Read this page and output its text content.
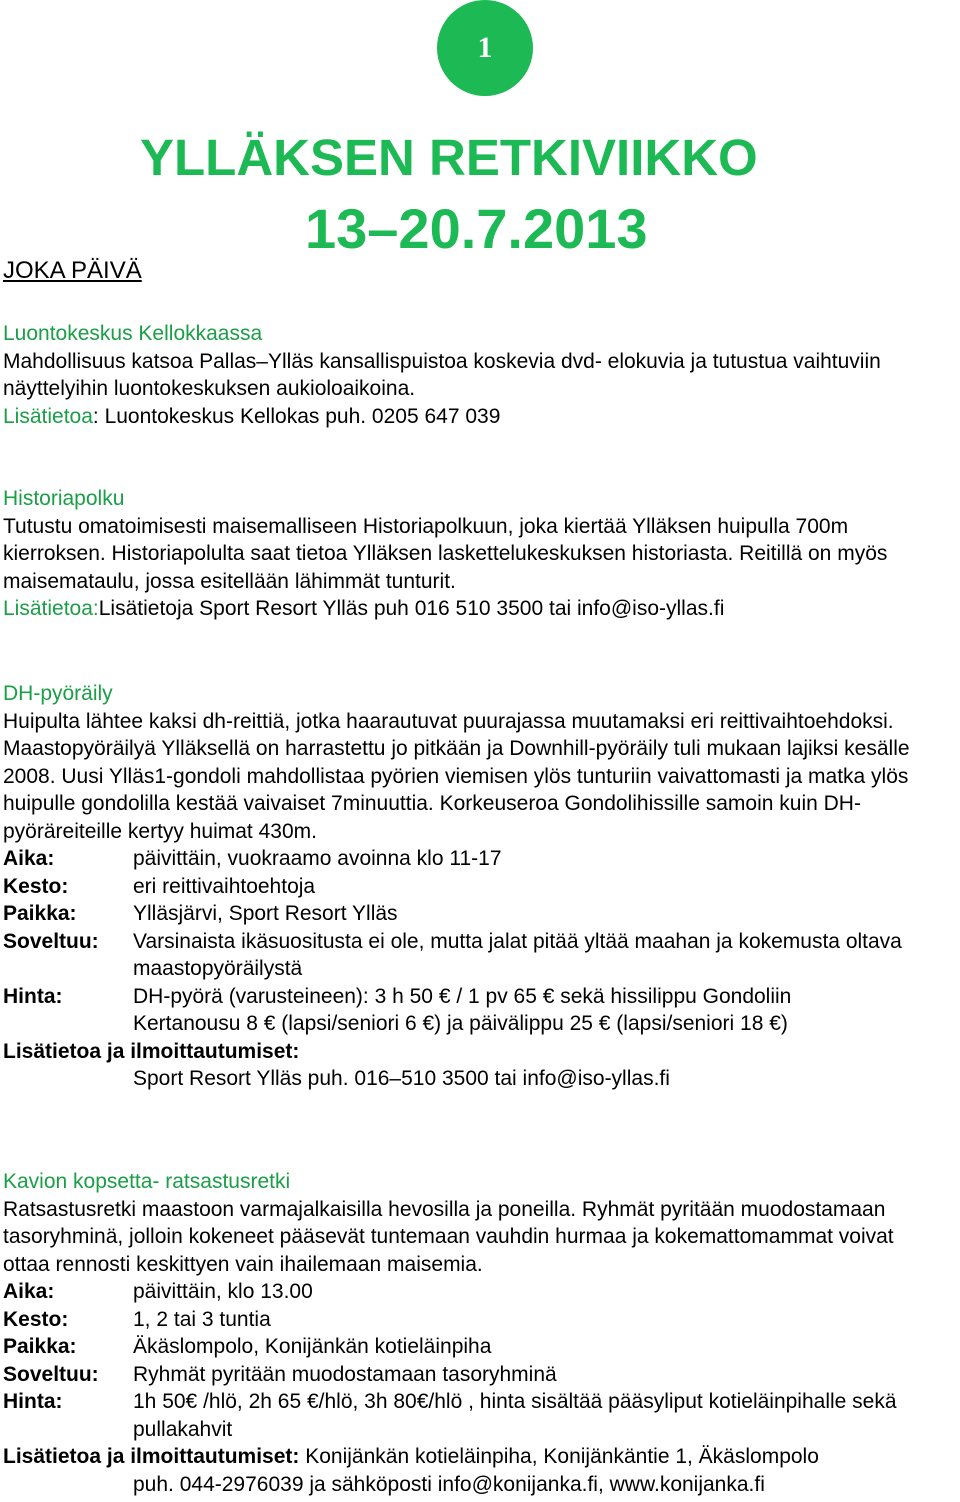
1
YLLÄKSEN RETKIVIIKKO
13–20.7.2013
JOKA PÄIVÄ

Luontokeskus Kellokkaassa

Mahdollisuus katsoa Pallas–Ylläs kansallispuistoa koskevia dvd- elokuvia ja tutustua vaihtuviin näyttelyihin luontokeskuksen aukioloaikoina.

Lisätietoa: Luontokeskus Kellokas puh. 0205 647 039

Historiapolku

Tutustu omatoimisesti maisemalliseen Historiapolkuun, joka kiertää Ylläksen huipulla 700m kierroksen. Historiapolulta saat tietoa Ylläksen laskettelukeskuksen historiasta. Reitillä on myös maisemataulu, jossa esitellään lähimmät tunturit.

Lisätietoa:Lisätietoja Sport Resort Ylläs puh 016 510 3500 tai info@iso-yllas.fi

DH-pyöräily

Huipulta lähtee kaksi dh-reittiä, jotka haarautuvat puurajassa muutamaksi eri reittivaihtoehdoksi. Maastopyöräilyä Ylläksellä on harrastettu jo pitkään ja Downhill-pyöräily tuli mukaan lajiksi kesälle 2008. Uusi Ylläs1-gondoli mahdollistaa pyörien viemisen ylös tunturiin vaivattomasti ja matka ylös huipulle gondolilla kestää vaivaiset 7minuuttia. Korkeuseroa Gondolihissille samoin kuin DH-pyöräreiteille kertyy huimat 430m.

Aika:	päivittäin, vuokraamo avoinna klo 11-17
Kesto:	eri reittivaihtoehtoja
Paikka:	Ylläsjärvi, Sport Resort Ylläs
Soveltuu:	Varsinaista ikäsuositusta ei ole, mutta jalat pitää yltää maahan ja kokemusta oltava maastopyöräilystä
Hinta:	DH-pyörä (varusteineen): 3 h 50 € / 1 pv 65 € sekä hissilippu Gondoliin Kertanousu 8 € (lapsi/seniori 6 €) ja päivälippu 25 € (lapsi/seniori 18 €)

Lisätietoa ja ilmoittautumiset:

Sport Resort Ylläs puh. 016–510 3500 tai info@iso-yllas.fi

Kavion kopsetta- ratsastusretki

Ratsastusretki maastoon varmajalkaisilla hevosilla ja poneilla. Ryhmät pyritään muodostamaan tasoryhminä, jolloin kokeneet pääsevät tuntemaan vauhdin hurmaa ja kokemattomammat voivat ottaa rennosti keskittyen vain ihailemaan maisemia.

Aika:	päivittäin, klo 13.00
Kesto:	1, 2 tai 3 tuntia
Paikka:	Äkäslompolo, Konijänkän kotieläinpiha
Soveltuu:	Ryhmät pyritään muodostamaan tasoryhminä
Hinta:	1h 50€ /hlö, 2h 65 €/hlö, 3h 80€/hlö , hinta sisältää pääsyliput kotieläinpihalle sekä pullakahvit

Lisätietoa ja ilmoittautumiset: Konijänkän kotieläinpiha, Konijänkäntie 1, Äkäslompolo

puh. 044-2976039 ja sähköposti info@konijanka.fi, www.konijanka.fi
